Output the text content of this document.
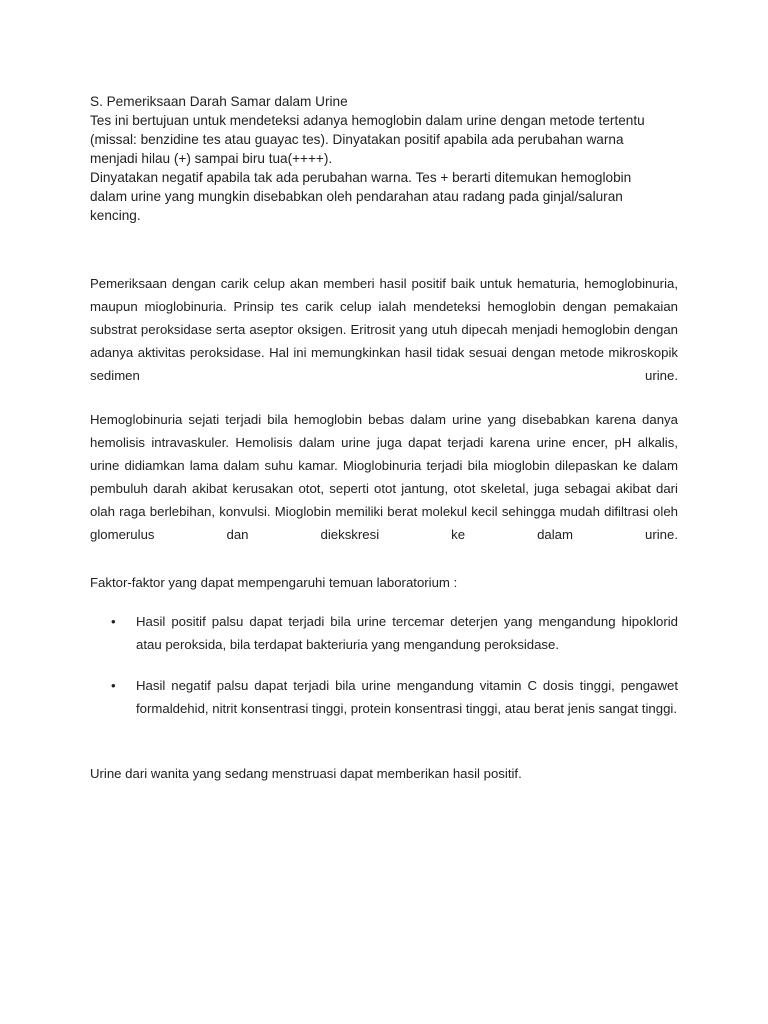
S. Pemeriksaan Darah Samar dalam Urine

Tes ini bertujuan untuk mendeteksi adanya hemoglobin dalam urine dengan metode tertentu

(missal: benzidine tes atau guayac tes). Dinyatakan positif apabila ada perubahan warna

menjadi hilau (+) sampai biru tua(++++).

Dinyatakan negatif apabila tak ada perubahan warna. Tes + berarti ditemukan hemoglobin

dalam urine yang mungkin disebabkan oleh pendarahan atau radang pada ginjal/saluran

kencing.

Pemeriksaan dengan carik celup akan memberi hasil positif baik untuk hematuria, hemoglobinuria, maupun mioglobinuria. Prinsip tes carik celup ialah mendeteksi hemoglobin dengan pemakaian substrat peroksidase serta aseptor oksigen. Eritrosit yang utuh dipecah menjadi hemoglobin dengan adanya aktivitas peroksidase. Hal ini memungkinkan hasil tidak sesuai dengan metode mikroskopik sedimen urine.

Hemoglobinuria sejati terjadi bila hemoglobin bebas dalam urine yang disebabkan karena danya hemolisis intravaskuler. Hemolisis dalam urine juga dapat terjadi karena urine encer, pH alkalis, urine didiamkan lama dalam suhu kamar. Mioglobinuria terjadi bila mioglobin dilepaskan ke dalam pembuluh darah akibat kerusakan otot, seperti otot jantung, otot skeletal, juga sebagai akibat dari olah raga berlebihan, konvulsi. Mioglobin memiliki berat molekul kecil sehingga mudah difiltrasi oleh glomerulus dan diekskresi ke dalam urine.

Faktor-faktor yang dapat mempengaruhi temuan laboratorium :

• Hasil positif palsu dapat terjadi bila urine tercemar deterjen yang mengandung hipoklorid atau peroksida, bila terdapat bakteriuria yang mengandung peroksidase.
• Hasil negatif palsu dapat terjadi bila urine mengandung vitamin C dosis tinggi, pengawet formaldehid, nitrit konsentrasi tinggi, protein konsentrasi tinggi, atau berat jenis sangat tinggi.

Urine dari wanita yang sedang menstruasi dapat memberikan hasil positif.
